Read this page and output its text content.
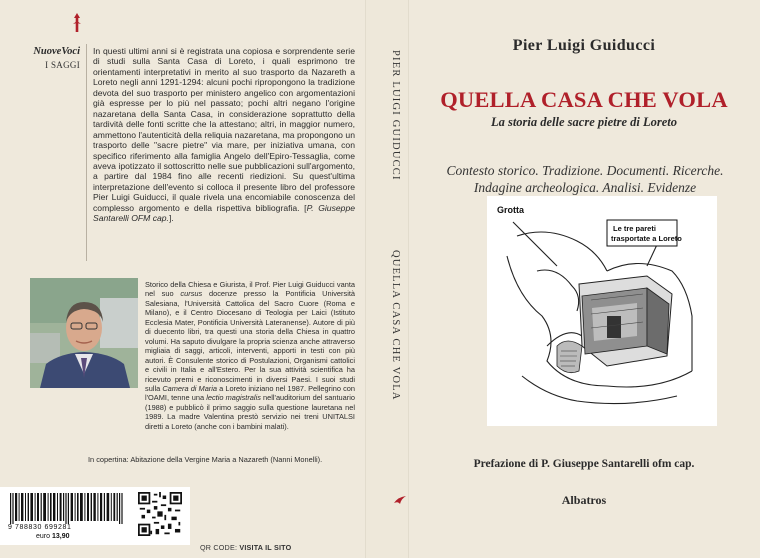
NuoveVoci
I SAGGI

In questi ultimi anni si è registrata una copiosa e sorprendente serie di studi sulla Santa Casa di Loreto, i quali esprimono tre orientamenti interpretativi in merito al suo trasporto da Nazareth a Loreto negli anni 1291-1294: alcuni pochi ripropongono la tradizione devota del suo trasporto per ministero angelico con argomentazioni già espresse per lo più nel passato; pochi altri negano l'origine nazaretana della Santa Casa, in considerazione soprattutto della tardività delle fonti scritte che la attestano; altri, in maggior numero, ammettono l'autenticità della reliquia nazaretana, ma propongono un trasporto delle "sacre pietre" via mare, per iniziativa umana, con specifico riferimento alla famiglia Angelo dell'Epiro-Tessaglia, come aveva ipotizzato il sottoscritto nelle sue pubblicazioni sull'argomento, a partire dal 1984 fino alle recenti riedizioni. Su quest'ultima interpretazione dell'evento si colloca il presente libro del professore Pier Luigi Guiducci, il quale rivela una encomiabile conoscenza del complesso argomento e della rispettiva bibliografia. [P. Giuseppe Santarelli OFM cap.].

Storico della Chiesa e Giurista, il Prof. Pier Luigi Guiducci vanta nel suo cursus docenze presso la Pontificia Università Salesiana, l'Università Cattolica del Sacro Cuore (Roma e Milano), e il Centro Diocesano di Teologia per Laici (Istituto Ecclesia Mater, Pontificia Università Lateranense). Autore di più di duecento libri, tra questi una storia della Chiesa in quattro volumi. Ha saputo divulgare la propria scienza anche attraverso migliaia di saggi, articoli, interventi, apporti in testi con più autori. È Consulente storico di Postulazioni, Organismi cattolici e civili in Italia e all'Estero. Per la sua attività scientifica ha ricevuto premi e riconoscimenti in diversi Paesi. I suoi studi sulla Camera di Maria a Loreto iniziano nel 1987. Pellegrino con l'OAMI, tenne una lectio magistralis nell'auditorium del santuario (1988) e pubblicò il primo saggio sulla questione lauretana nel 1989. La madre Valentina prestò servizio nei treni UNITALSI diretti a Loreto (anche con i bambini malati).

In copertina: Abitazione della Vergine Maria a Nazareth (Nanni Monelli).

9 788830 699281
euro 13,90
QR CODE: VISITA IL SITO
PIER LUIGI GUIDUCCI
QUELLA CASA CHE VOLA
Pier Luigi Guiducci
QUELLA CASA CHE VOLA
La storia delle sacre pietre di Loreto

Contesto storico. Tradizione. Documenti. Ricerche.
Indagine archeologica. Analisi. Evidenze

Grotta
Le tre pareti
trasportate a Loreto
Prefazione di P. Giuseppe Santarelli ofm cap.
Albatros
